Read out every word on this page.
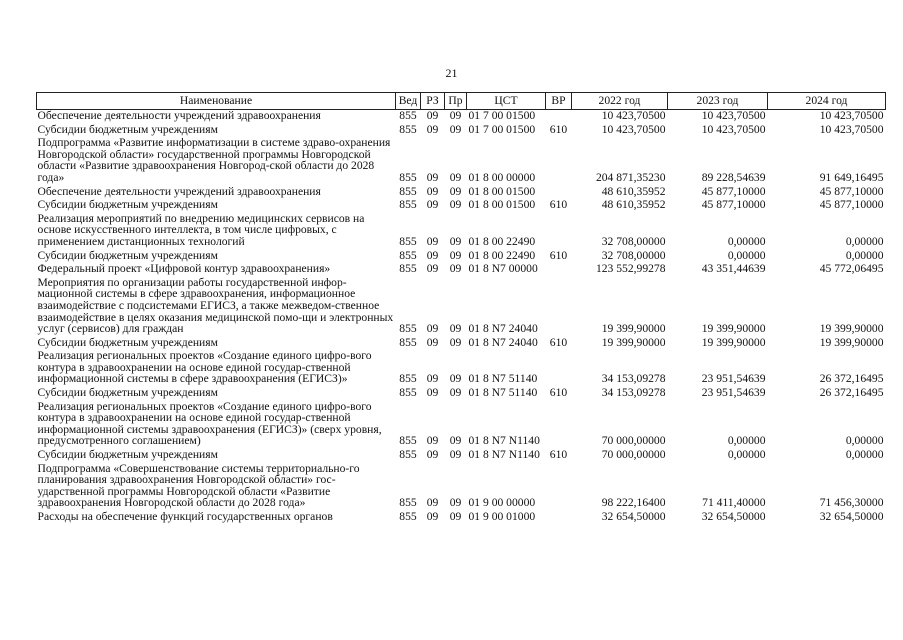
21
Наименование	Вед	РЗ	Пр	ЦСТ	ВР	2022 год	2023 год	2024 год
Обеспечение деятельности учреждений здравоохранения	855	09	09	01 7 00 01500		10 423,70500	10 423,70500	10 423,70500
Субсидии бюджетным учреждениям	855	09	09	01 7 00 01500	610	10 423,70500	10 423,70500	10 423,70500
Подпрограмма «Развитие информатизации в системе здраво-охранения Новгородской области» государственной программы Новгородской области «Развитие здравоохранения Новгород-ской области до 2028 года»	855	09	09	01 8 00 00000		204 871,35230	89 228,54639	91 649,16495
Обеспечение деятельности учреждений здравоохранения	855	09	09	01 8 00 01500		48 610,35952	45 877,10000	45 877,10000
Субсидии бюджетным учреждениям	855	09	09	01 8 00 01500	610	48 610,35952	45 877,10000	45 877,10000
Реализация мероприятий по внедрению медицинских сервисов на основе искусственного интеллекта, в том числе цифровых, с применением дистанционных технологий	855	09	09	01 8 00 22490		32 708,00000	0,00000	0,00000
Субсидии бюджетным учреждениям	855	09	09	01 8 00 22490	610	32 708,00000	0,00000	0,00000
Федеральный проект «Цифровой контур здравоохранения»	855	09	09	01 8 N7 00000		123 552,99278	43 351,44639	45 772,06495
Мероприятия по организации работы государственной инфор-мационной системы в сфере здравоохранения, информационное взаимодействие с подсистемами ЕГИСЗ, а также межведом-ственное взаимодействие в целях оказания медицинской помо-щи и электронных услуг (сервисов) для граждан	855	09	09	01 8 N7 24040		19 399,90000	19 399,90000	19 399,90000
Субсидии бюджетным учреждениям	855	09	09	01 8 N7 24040	610	19 399,90000	19 399,90000	19 399,90000
Реализация региональных проектов «Создание единого цифро-вого контура в здравоохранении на основе единой государ-ственной информационной системы в сфере здравоохранения (ЕГИСЗ)»	855	09	09	01 8 N7 51140		34 153,09278	23 951,54639	26 372,16495
Субсидии бюджетным учреждениям	855	09	09	01 8 N7 51140	610	34 153,09278	23 951,54639	26 372,16495
Реализация региональных проектов «Создание единого цифро-вого контура в здравоохранении на основе единой государ-ственной информационной системы здравоохранения (ЕГИСЗ)» (сверх уровня, предусмотренного соглашением)	855	09	09	01 8 N7 N1140		70 000,00000	0,00000	0,00000
Субсидии бюджетным учреждениям	855	09	09	01 8 N7 N1140	610	70 000,00000	0,00000	0,00000
Подпрограмма «Совершенствование системы территориально-го планирования здравоохранения Новгородской области» гос-ударственной программы Новгородской области «Развитие здравоохранения Новгородской области до 2028 года»	855	09	09	01 9 00 00000		98 222,16400	71 411,40000	71 456,30000
Расходы на обеспечение функций государственных органов	855	09	09	01 9 00 01000		32 654,50000	32 654,50000	32 654,50000
